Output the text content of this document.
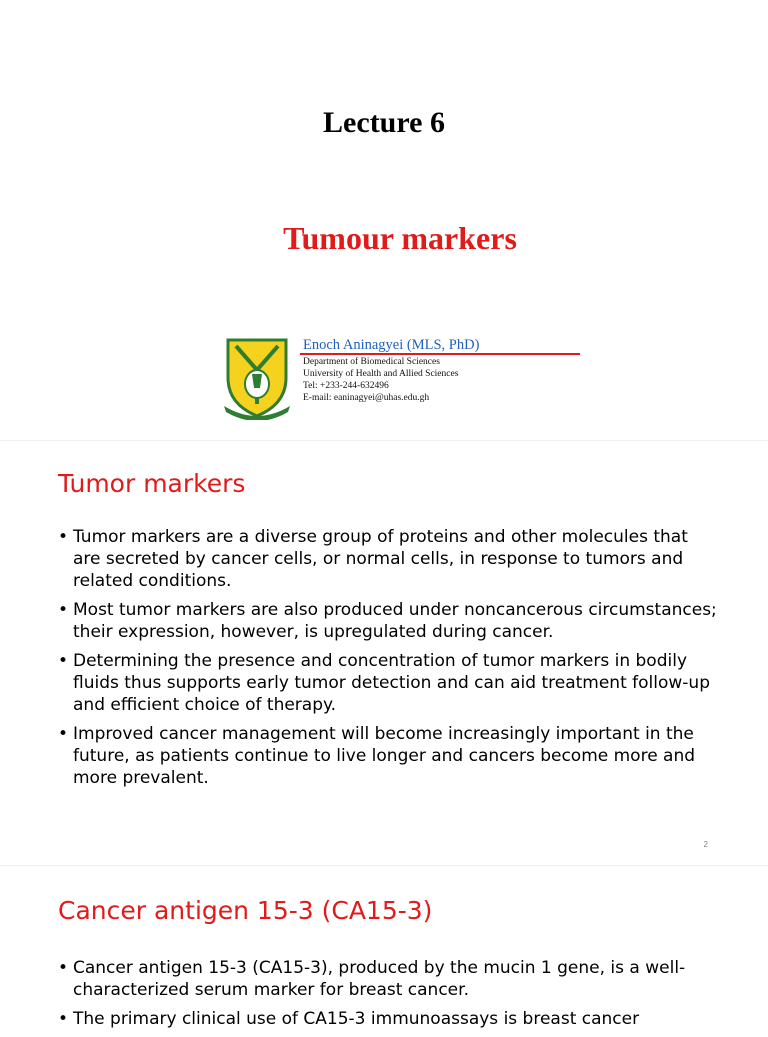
Lecture 6
Tumour markers
Enoch Aninagyei (MLS, PhD)
Department of Biomedical Sciences
University of Health and Allied Sciences
Tel: +233-244-632496
E-mail: eaninagyei@uhas.edu.gh
Tumor markers
• Tumor markers are a diverse group of proteins and other molecules that are secreted by cancer cells, or normal cells, in response to tumors and related conditions.
• Most tumor markers are also produced under noncancerous circumstances; their expression, however, is upregulated during cancer.
• Determining the presence and concentration of tumor markers in bodily fluids thus supports early tumor detection and can aid treatment follow-up and efficient choice of therapy.
• Improved cancer management will become increasingly important in the future, as patients continue to live longer and cancers become more and more prevalent.
2
Cancer antigen 15-3 (CA15-3)
• Cancer antigen 15-3 (CA15-3), produced by the mucin 1 gene, is a well-characterized serum marker for breast cancer.
• The primary clinical use of CA15-3 immunoassays is breast cancer
